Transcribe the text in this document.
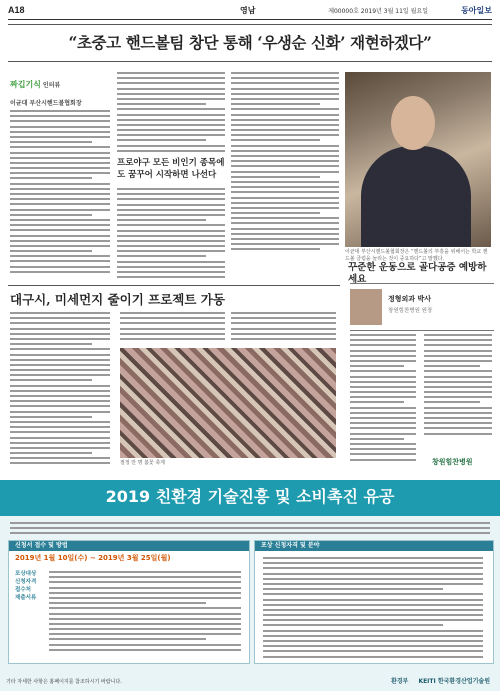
A18	영남	제00000호 2019년 3월 11일 월요일	동아일보
“초중고 핸드볼팀 창단 통해 ‘우생순 신화’ 재현하겠다”
짜깁기식 인터뷰
이균대 부산시핸드볼협회장
프로야구 모든 비인기 종목에도 꿈꾸어 시작하면 나선다
이균대 부산시핸드볼협회장은 “핸드볼의 부흥을 위해서는 학교 핸드볼 클럽을 늘리는 것이 중요하다”고 말했다.
꾸준한 운동으로 골다공증 예방하세요
정형외과 박사
창원힘찬병원 원장
창원힘찬병원
대구시, 미세먼지 줄이기 프로젝트 가동
절정 만 명 봄꽃 축제
2019 친환경 기술진흥 및 소비촉진 유공
신청서 접수 및 방법
2019년 1월 10일(수) ~ 2019년 3월 25일(월)
포상대상
신청자격
접수처
제출서류
포상 신청자격 및 분야
기타 자세한 사항은 홈페이지를 참조하시기 바랍니다.	환경부 KEITI 한국환경산업기술원
